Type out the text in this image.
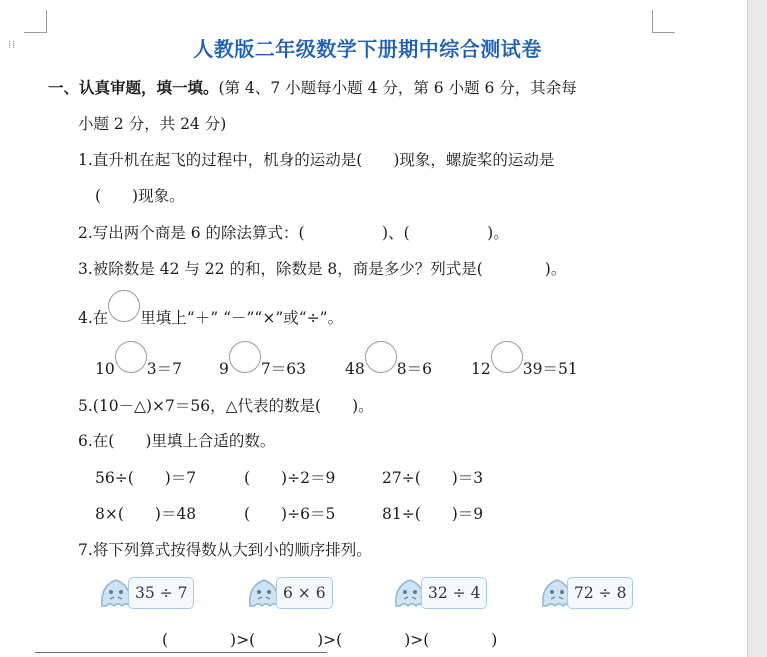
⁞⁞	人教版二年级数学下册期中综合测试卷
一、认真审题，填一填。(第 4、7 小题每小题 4 分，第 6 小题 6 分，其余每
小题 2 分，共 24 分)
1.直升机在起飞的过程中，机身的运动是(　　)现象，螺旋桨的运动是
(　　)现象。
2.写出两个商是 6 的除法算式：(　　　　　)、(　　　　　)。
3.被除数是 42 与 22 的和，除数是 8，商是多少？列式是(　　　　)。
4.在 里填上“＋” “－”“×”或“÷”。
10 3＝7 9 7＝63	48 8＝6	12 39＝51
5.(10－△)×7＝56，△代表的数是(　　)。
6.在(　　)里填上合适的数。
56÷(　　)＝7	(　　)÷2＝9	27÷(　　)＝3
8×(　　)＝48	(　　)÷6＝5	81÷(　　)＝9
7.将下列算式按得数从大到小的顺序排列。
35 ÷ 7	6 × 6	32 ÷ 4	72 ÷ 8
(　　　　)>(　　　　)>(　　　　)>(　　　　)
